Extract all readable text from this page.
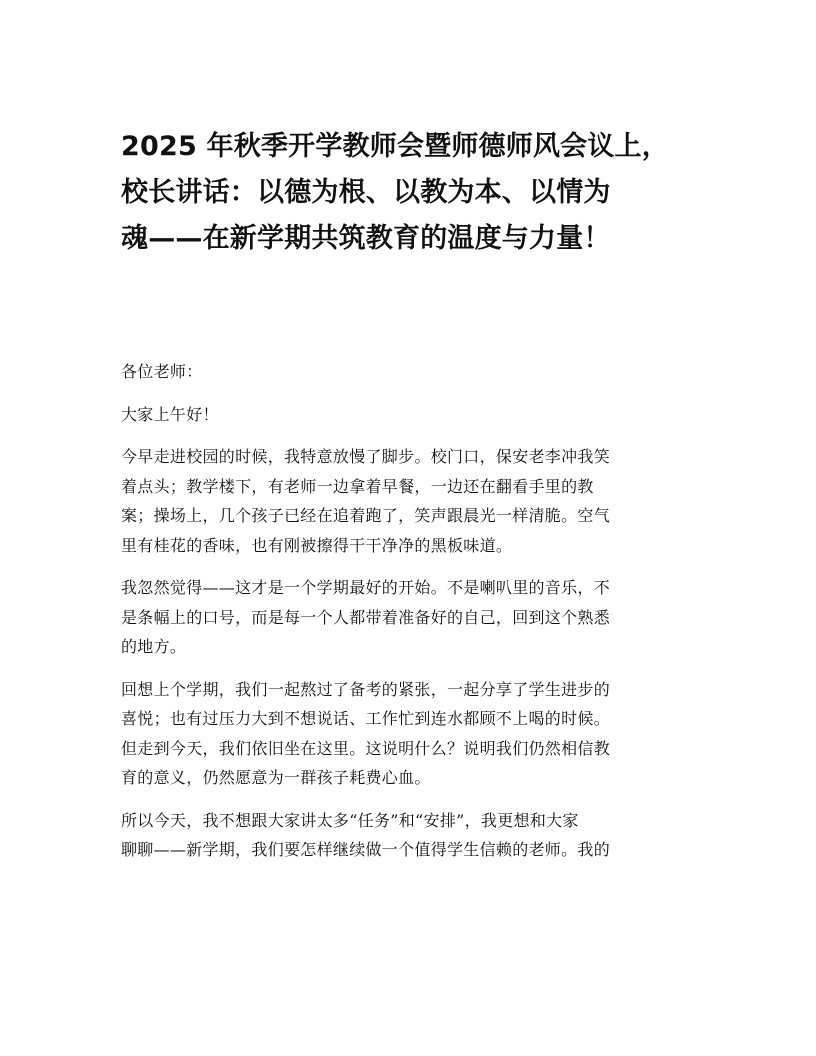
2025 年秋季开学教师会暨师德师风会议上，
校长讲话：以德为根、以教为本、以情为
魂——在新学期共筑教育的温度与力量！

各位老师：

大家上午好！

今早走进校园的时候，我特意放慢了脚步。校门口，保安老李冲我笑
着点头；教学楼下，有老师一边拿着早餐，一边还在翻看手里的教
案；操场上，几个孩子已经在追着跑了，笑声跟晨光一样清脆。空气
里有桂花的香味，也有刚被擦得干干净净的黑板味道。

我忽然觉得——这才是一个学期最好的开始。不是喇叭里的音乐，不
是条幅上的口号，而是每一个人都带着准备好的自己，回到这个熟悉
的地方。

回想上个学期，我们一起熬过了备考的紧张，一起分享了学生进步的
喜悦；也有过压力大到不想说话、工作忙到连水都顾不上喝的时候。
但走到今天，我们依旧坐在这里。这说明什么？说明我们仍然相信教
育的意义，仍然愿意为一群孩子耗费心血。

所以今天，我不想跟大家讲太多“任务”和“安排”，我更想和大家
聊聊——新学期，我们要怎样继续做一个值得学生信赖的老师。我的
